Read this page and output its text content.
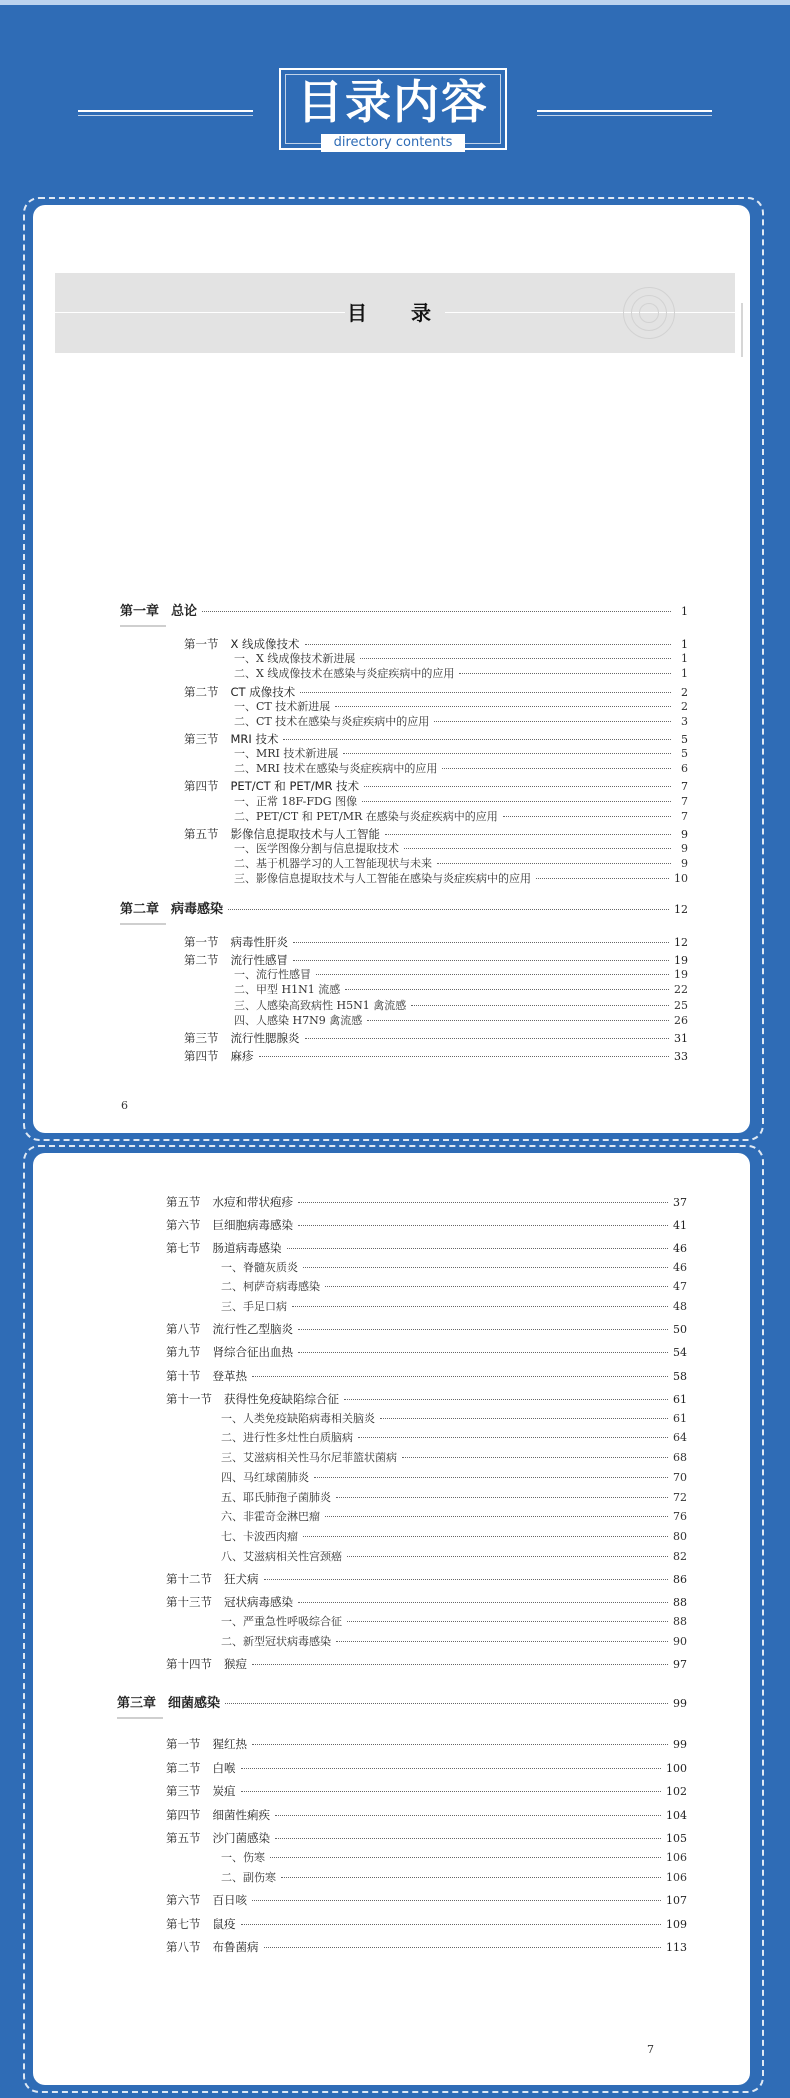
目录内容
directory contents
目　录
第一章 总论	1
第一节 X 线成像技术	1
一、X 线成像技术新进展	1
二、X 线成像技术在感染与炎症疾病中的应用	1
第二节 CT 成像技术	2
一、CT 技术新进展	2
二、CT 技术在感染与炎症疾病中的应用	3
第三节 MRI 技术	5
一、MRI 技术新进展	5
二、MRI 技术在感染与炎症疾病中的应用	6
第四节 PET/CT 和 PET/MR 技术	7
一、正常 18F-FDG 图像	7
二、PET/CT 和 PET/MR 在感染与炎症疾病中的应用	7
第五节 影像信息提取技术与人工智能	9
一、医学图像分割与信息提取技术	9
二、基于机器学习的人工智能现状与未来	9
三、影像信息提取技术与人工智能在感染与炎症疾病中的应用	10
第二章 病毒感染	12
第一节 病毒性肝炎	12
第二节 流行性感冒	19
一、流行性感冒	19
二、甲型 H1N1 流感	22
三、人感染高致病性 H5N1 禽流感	25
四、人感染 H7N9 禽流感	26
第三节 流行性腮腺炎	31
第四节 麻疹	33
6
第五节 水痘和带状疱疹	37
第六节 巨细胞病毒感染	41
第七节 肠道病毒感染	46
一、脊髓灰质炎	46
二、柯萨奇病毒感染	47
三、手足口病	48
第八节 流行性乙型脑炎	50
第九节 肾综合征出血热	54
第十节 登革热	58
第十一节 获得性免疫缺陷综合征	61
一、人类免疫缺陷病毒相关脑炎	61
二、进行性多灶性白质脑病	64
三、艾滋病相关性马尔尼菲篮状菌病	68
四、马红球菌肺炎	70
五、耶氏肺孢子菌肺炎	72
六、非霍奇金淋巴瘤	76
七、卡波西肉瘤	80
八、艾滋病相关性宫颈癌	82
第十二节 狂犬病	86
第十三节 冠状病毒感染	88
一、严重急性呼吸综合征	88
二、新型冠状病毒感染	90
第十四节 猴痘	97
第三章 细菌感染	99
第一节 猩红热	99
第二节 白喉	100
第三节 炭疽	102
第四节 细菌性痢疾	104
第五节 沙门菌感染	105
一、伤寒	106
二、副伤寒	106
第六节 百日咳	107
第七节 鼠疫	109
第八节 布鲁菌病	113
7
